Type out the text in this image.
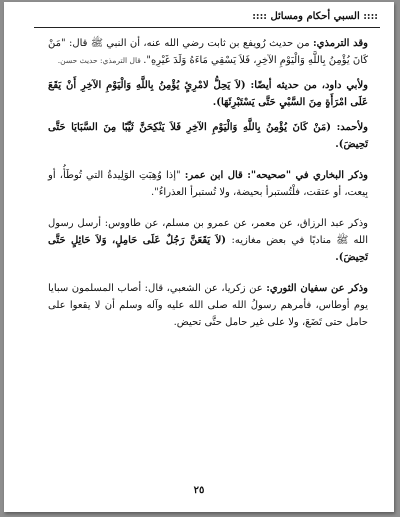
:::: السبي أحكام ومسائل ::::

وقد الترمذي: من حديث رُويفع بن ثابت رضي الله عنه، أن النبي ﷺ قال: "مَنْ كَانَ يُؤْمِنُ بِاللَّهِ وَالْيَوْمِ الآخِرِ، فَلاَ يَسْقِي مَاءَهُ وَلَدَ غَيْرِهِ". قال الترمذي: حديث حسن.

ولأبي داود، من حديثه أيضًا: (لاَ يَحِلُّ لامْرِئٍ يُؤْمِنُ بِاللَّهِ وَالْيَوْمِ الآخِرِ أَنْ يَقَعَ عَلَى امْرَأَةٍ مِنَ السَّبْيِ حَتَّى يَسْتَبْرِئَهَا).

ولأحمد: (مَنْ كَانَ يُؤْمِنُ بِاللَّهِ وَالْيَوْمِ الآخِرِ فَلاَ يَنْكِحَنَّ ثَيِّبًا مِنَ السَّبَايَا حَتَّى تَحِيضَ).

وذكر البخاري في "صحيحه": قال ابن عمر: "إذا وُهِبَتِ الوَلِيدةُ التي تُوطَأُ، أو بِيعت، أو عتقت، فلْتُستبرأ بحيضة، ولا تُستبرأ العذراءُ".

وذكر عبد الرزاق، عن معمر، عن عمرو بن مسلم، عن طاووس: أرسل رسول الله ﷺ مناديًا في بعض مغازيه: (لاَ يَقَعَنَّ رَجُلٌ عَلَى حَامِلٍ، وَلاَ حَائِلٍ حَتَّى تَحِيضَ).

وذكر عن سفيان الثوري: عن زكريا، عن الشعبي، قال: أصاب المسلمون سبايا يوم أوطاس، فأمرهم رسولُ الله صلى الله عليه وآله وسلم أن لا يقعوا على حامل حتى تَضَعَ، ولا على غير حامل حتَّى تحيض.

٢٥
